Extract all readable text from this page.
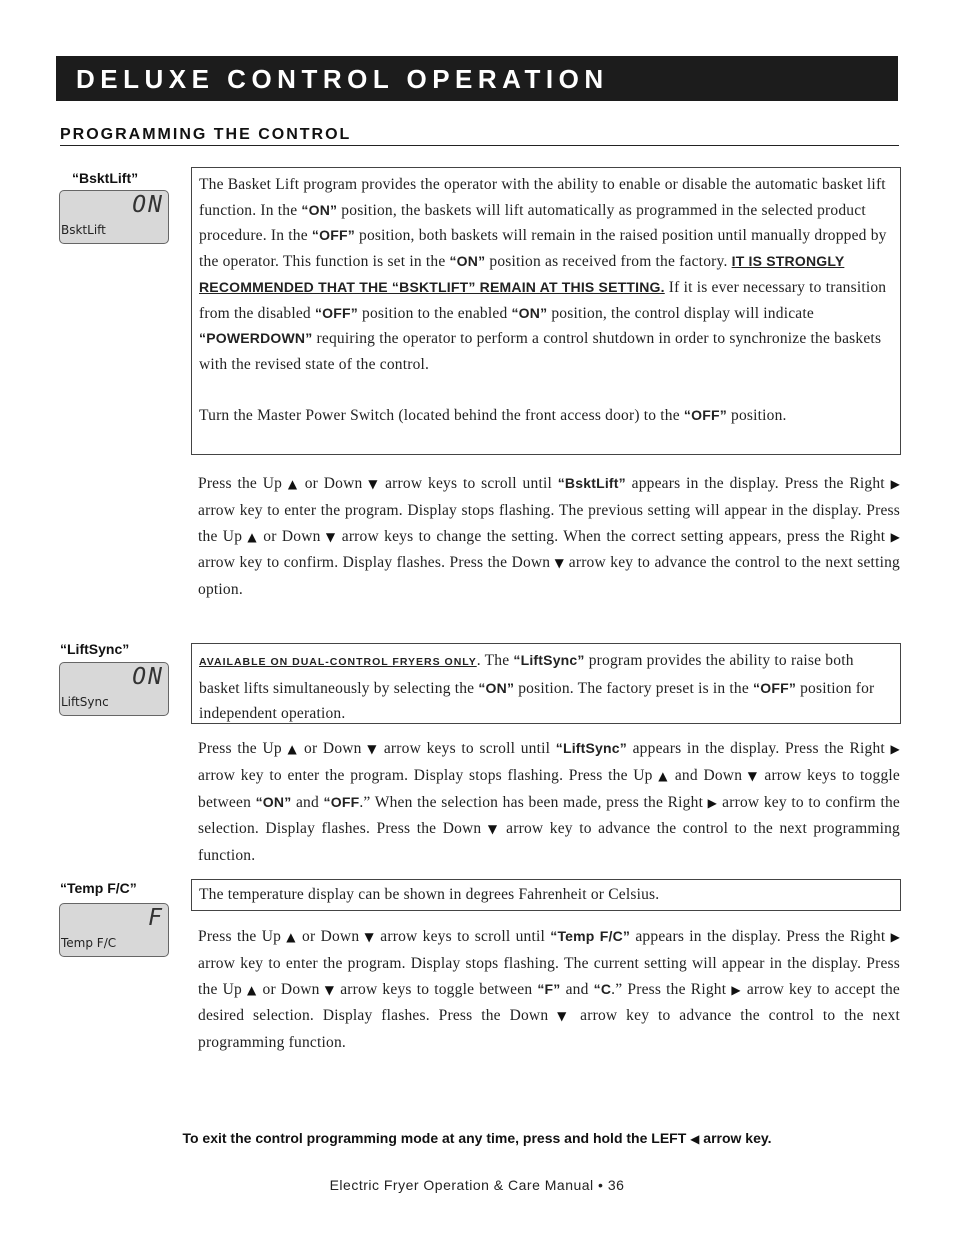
DELUXE CONTROL OPERATION
PROGRAMMING THE CONTROL
“BsktLift”
ON
BsktLift

The Basket Lift program provides the operator with the ability to enable or disable the automatic basket lift function. In the “ON” position, the baskets will lift automatically as programmed in the selected product procedure. In the “OFF” position, both baskets will remain in the raised position until manually dropped by the operator. This function is set in the “ON” position as received from the factory. IT IS STRONGLY RECOMMENDED THAT THE “BSKTLIFT” REMAIN AT THIS SETTING. If it is ever necessary to transition from the disabled “OFF” position to the enabled “ON” position, the control display will indicate “POWERDOWN” requiring the operator to perform a control shutdown in order to synchronize the baskets with the revised state of the control.

Turn the Master Power Switch (located behind the front access door) to the “OFF” position.

Press the Up ▲ or Down ▼ arrow keys to scroll until “BsktLift” appears in the display. Press the Right ▶ arrow key to enter the program. Display stops flashing. The previous setting will appear in the display. Press the Up ▲ or Down ▼ arrow keys to change the setting. When the correct setting appears, press the Right ▶ arrow key to confirm. Display flashes. Press the Down ▼ arrow key to advance the control to the next setting option.

“LiftSync”
ON
LiftSync

AVAILABLE ON DUAL-CONTROL FRYERS ONLY. The “LiftSync” program provides the ability to raise both basket lifts simultaneously by selecting the “ON” position. The factory preset is in the “OFF” position for independent operation.

Press the Up ▲ or Down ▼ arrow keys to scroll until “LiftSync” appears in the display. Press the Right ▶ arrow key to enter the program. Display stops flashing. Press the Up ▲ and Down ▼ arrow keys to toggle between “ON” and “OFF.” When the selection has been made, press the Right ▶ arrow key to to confirm the selection. Display flashes. Press the Down ▼ arrow key to advance the control to the next programming function.

“Temp F/C”
F
Temp F/C

The temperature display can be shown in degrees Fahrenheit or Celsius.

Press the Up ▲ or Down ▼ arrow keys to scroll until “Temp F/C” appears in the display. Press the Right ▶ arrow key to enter the program. Display stops flashing. The current setting will appear in the display. Press the Up ▲ or Down ▼ arrow keys to toggle between “F” and “C.” Press the Right ▶ arrow key to accept the desired selection. Display flashes. Press the Down ▼ arrow key to advance the control to the next programming function.

To exit the control programming mode at any time, press and hold the LEFT ◀ arrow key.
Electric Fryer Operation & Care Manual • 36
